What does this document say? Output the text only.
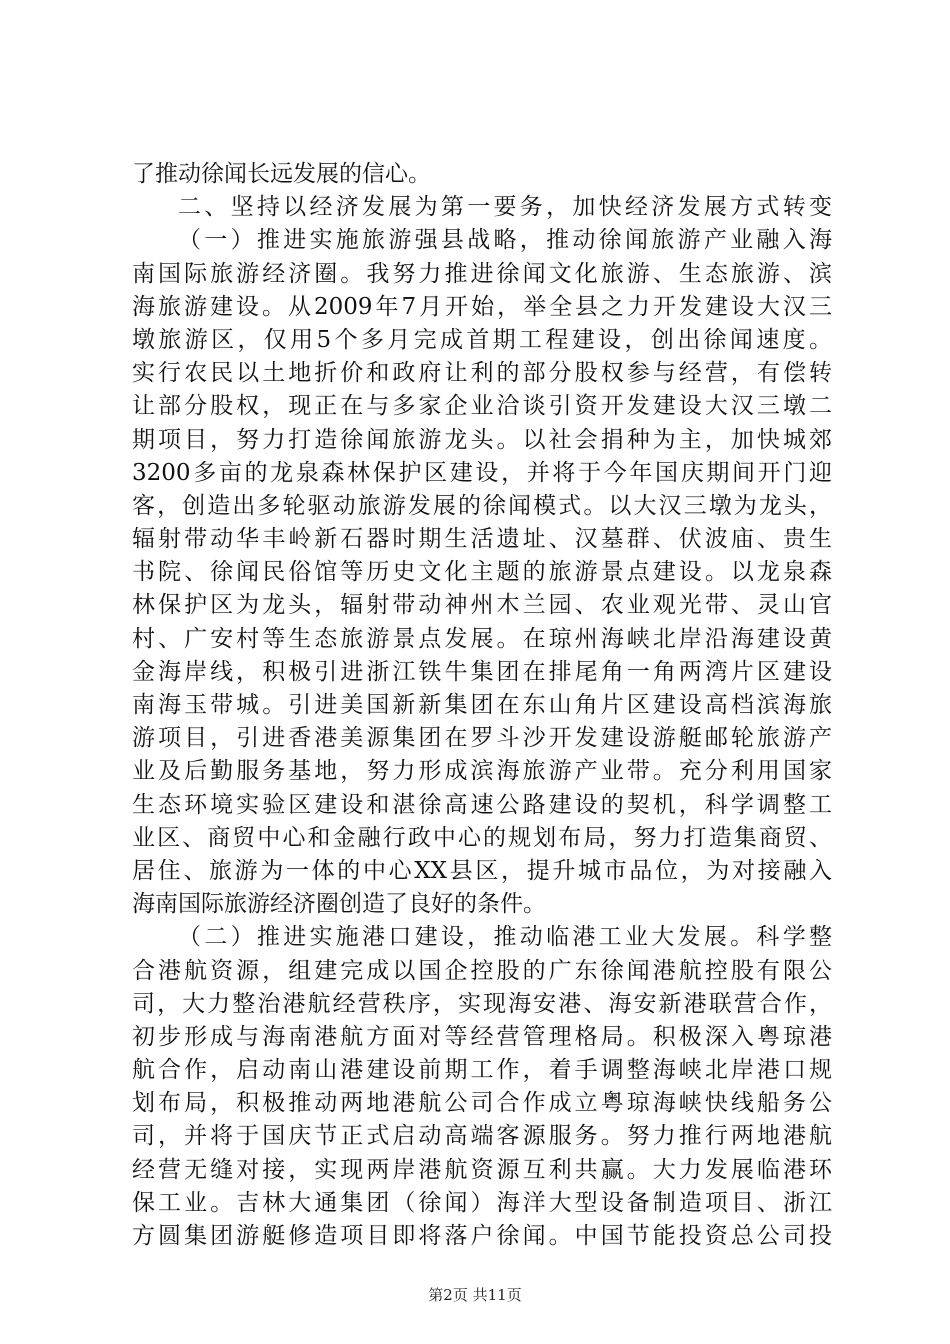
了推动徐闻长远发展的信心。
二、坚持以经济发展为第一要务，加快经济发展方式转变
（一）推进实施旅游强县战略，推动徐闻旅游产业融入海
南国际旅游经济圈。我努力推进徐闻文化旅游、生态旅游、滨
海旅游建设。从2009年7月开始，举全县之力开发建设大汉三
墩旅游区，仅用5个多月完成首期工程建设，创出徐闻速度。
实行农民以土地折价和政府让利的部分股权参与经营，有偿转
让部分股权，现正在与多家企业洽谈引资开发建设大汉三墩二
期项目，努力打造徐闻旅游龙头。以社会捐种为主，加快城郊
3200多亩的龙泉森林保护区建设，并将于今年国庆期间开门迎
客，创造出多轮驱动旅游发展的徐闻模式。以大汉三墩为龙头，
辐射带动华丰岭新石器时期生活遗址、汉墓群、伏波庙、贵生
书院、徐闻民俗馆等历史文化主题的旅游景点建设。以龙泉森
林保护区为龙头，辐射带动神州木兰园、农业观光带、灵山官
村、广安村等生态旅游景点发展。在琼州海峡北岸沿海建设黄
金海岸线，积极引进浙江铁牛集团在排尾角一角两湾片区建设
南海玉带城。引进美国新新集团在东山角片区建设高档滨海旅
游项目，引进香港美源集团在罗斗沙开发建设游艇邮轮旅游产
业及后勤服务基地，努力形成滨海旅游产业带。充分利用国家
生态环境实验区建设和湛徐高速公路建设的契机，科学调整工
业区、商贸中心和金融行政中心的规划布局，努力打造集商贸、
居住、旅游为一体的中心XX县区，提升城市品位，为对接融入
海南国际旅游经济圈创造了良好的条件。
（二）推进实施港口建设，推动临港工业大发展。科学整
合港航资源，组建完成以国企控股的广东徐闻港航控股有限公
司，大力整治港航经营秩序，实现海安港、海安新港联营合作，
初步形成与海南港航方面对等经营管理格局。积极深入粤琼港
航合作，启动南山港建设前期工作，着手调整海峡北岸港口规
划布局，积极推动两地港航公司合作成立粤琼海峡快线船务公
司，并将于国庆节正式启动高端客源服务。努力推行两地港航
经营无缝对接，实现两岸港航资源互利共赢。大力发展临港环
保工业。吉林大通集团（徐闻）海洋大型设备制造项目、浙江
方圆集团游艇修造项目即将落户徐闻。中国节能投资总公司投
第2页 共11页
